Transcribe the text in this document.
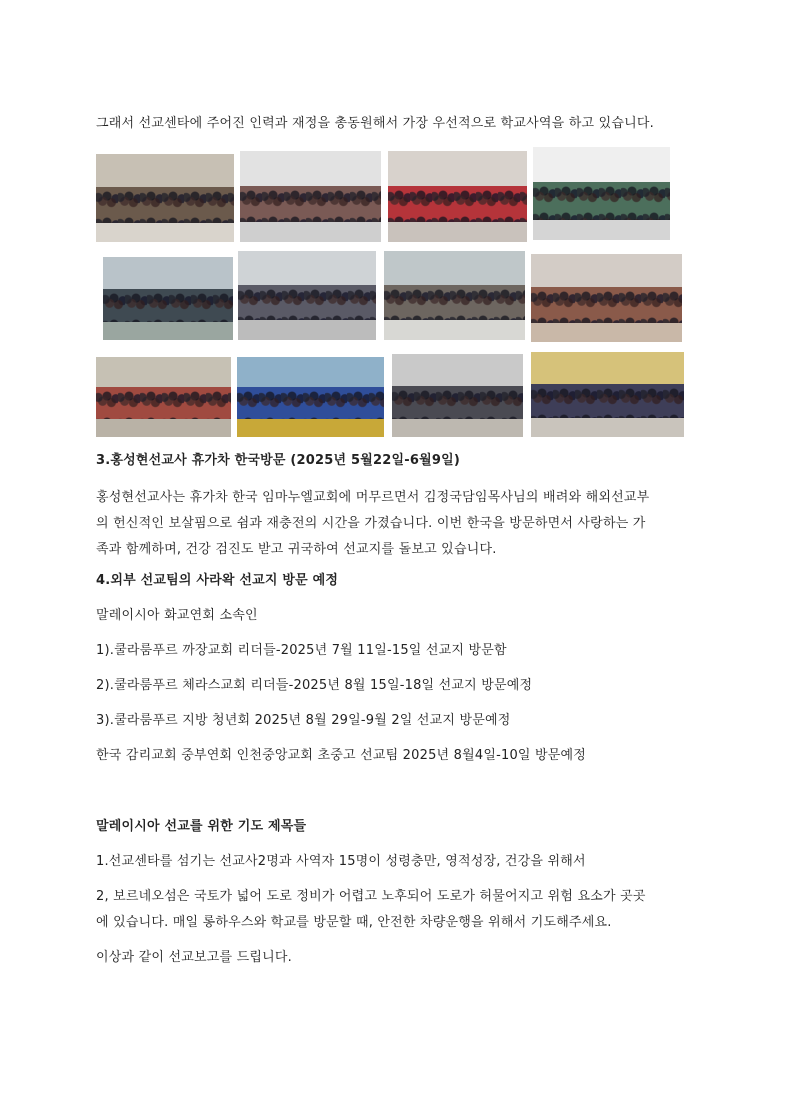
그래서 선교센타에 주어진 인력과 재정을 총동원해서 가장 우선적으로 학교사역을 하고 있습니다.
3.홍성현선교사 휴가차 한국방문 (2025년 5월22일-6월9일)
홍성현선교사는 휴가차 한국 임마누엘교회에 머무르면서 김정국담임목사님의 배려와 해외선교부
의 헌신적인 보살핌으로 쉼과 재충전의 시간을 가졌습니다. 이번 한국을 방문하면서 사랑하는 가
족과 함께하며, 건강 검진도 받고 귀국하여 선교지를 돌보고 있습니다.
4.외부 선교팀의 사라왁 선교지 방문 예정
말레이시아 화교연회 소속인
1).쿨라룸푸르 까장교회 리더들-2025년 7월 11일-15일 선교지 방문함
2).쿨라룸푸르 체라스교회 리더들-2025년 8월 15일-18일 선교지 방문예정
3).쿨라룸푸르 지방 청년회 2025년 8월 29일-9월 2일 선교지 방문예정
한국 감리교회 중부연회 인천중앙교회 초중고 선교팀 2025년 8월4일-10일 방문예정
말레이시아 선교를 위한 기도 제목들
1.선교센타를 섬기는 선교사2명과 사역자 15명이 성령충만, 영적성장, 건강을 위해서
2, 보르네오섬은 국토가 넓어 도로 정비가 어렵고 노후되어 도로가 허물어지고 위험 요소가 곳곳
에 있습니다. 매일 롱하우스와 학교를 방문할 때, 안전한 차량운행을 위해서 기도해주세요.
이상과 같이 선교보고를 드립니다.
